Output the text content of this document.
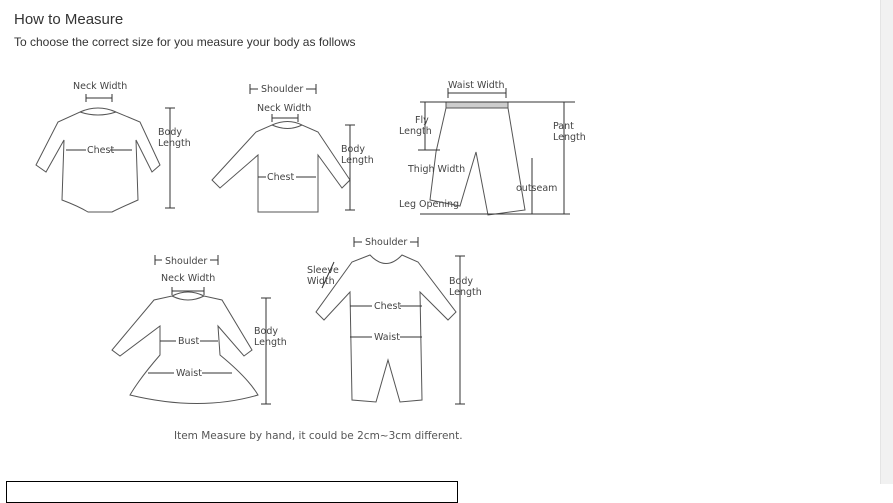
How to Measure
To choose the correct size for you measure your body as follows
Neck Width
Chest
Body
Length
Shoulder
Neck Width
Chest
Body
Length
Waist Width
Fly
Length	Pant
Length
Thigh Width
outseam
Leg Opening
Shoulder
Neck Width
Bust
Waist
Body
Length
Shoulder
Sleeve
Width
Chest
Waist
Body
Length
Item Measure by hand, it could be 2cm~3cm different.
